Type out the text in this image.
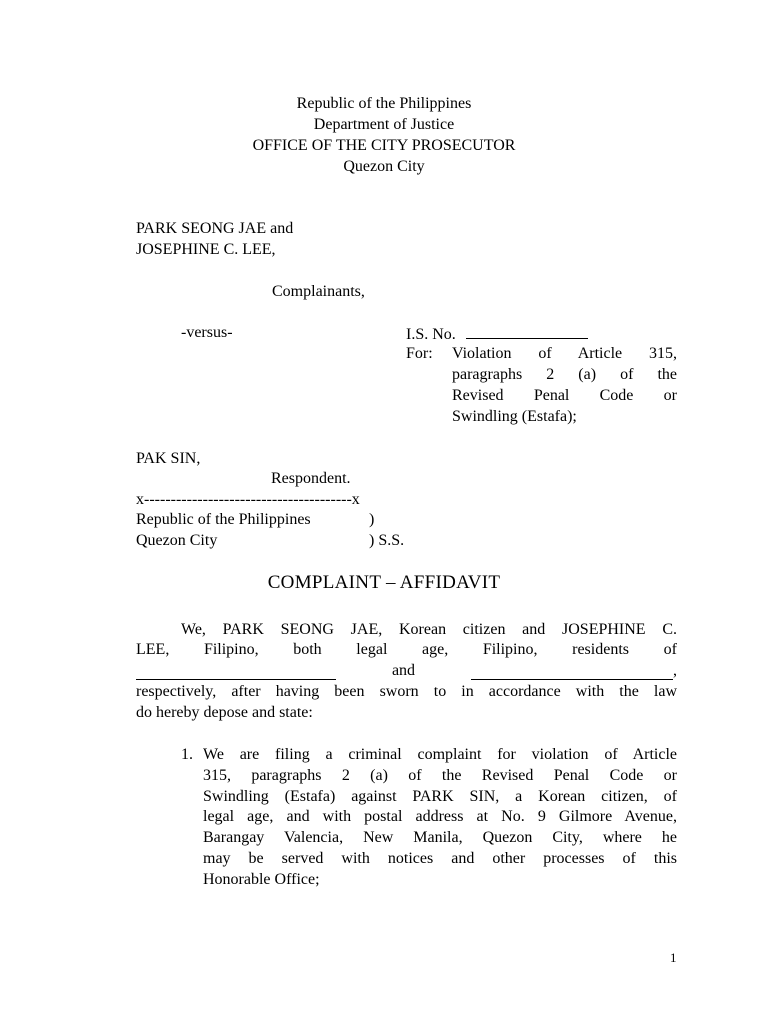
Republic of the Philippines
Department of Justice
OFFICE OF THE CITY PROSECUTOR
Quezon City
PARK SEONG JAE and
JOSEPHINE C. LEE,
Complainants,
-versus-	I.S. No.
For: Violation of Article 315,
paragraphs 2 (a) of the
Revised Penal Code or
Swindling (Estafa);
PAK SIN,
Respondent.
x---------------------------------------x
Republic of the Philippines	)
Quezon City	) S.S.
COMPLAINT – AFFIDAVIT
We, PARK SEONG JAE, Korean citizen and JOSEPHINE C.
LEE, Filipino, both legal age, Filipino, residents of
and	,
respectively, after having been sworn to in accordance with the law
do hereby depose and state:
1. We are filing a criminal complaint for violation of Article
315, paragraphs 2 (a) of the Revised Penal Code or
Swindling (Estafa) against PARK SIN, a Korean citizen, of
legal age, and with postal address at No. 9 Gilmore Avenue,
Barangay Valencia, New Manila, Quezon City, where he
may be served with notices and other processes of this
Honorable Office;
1
